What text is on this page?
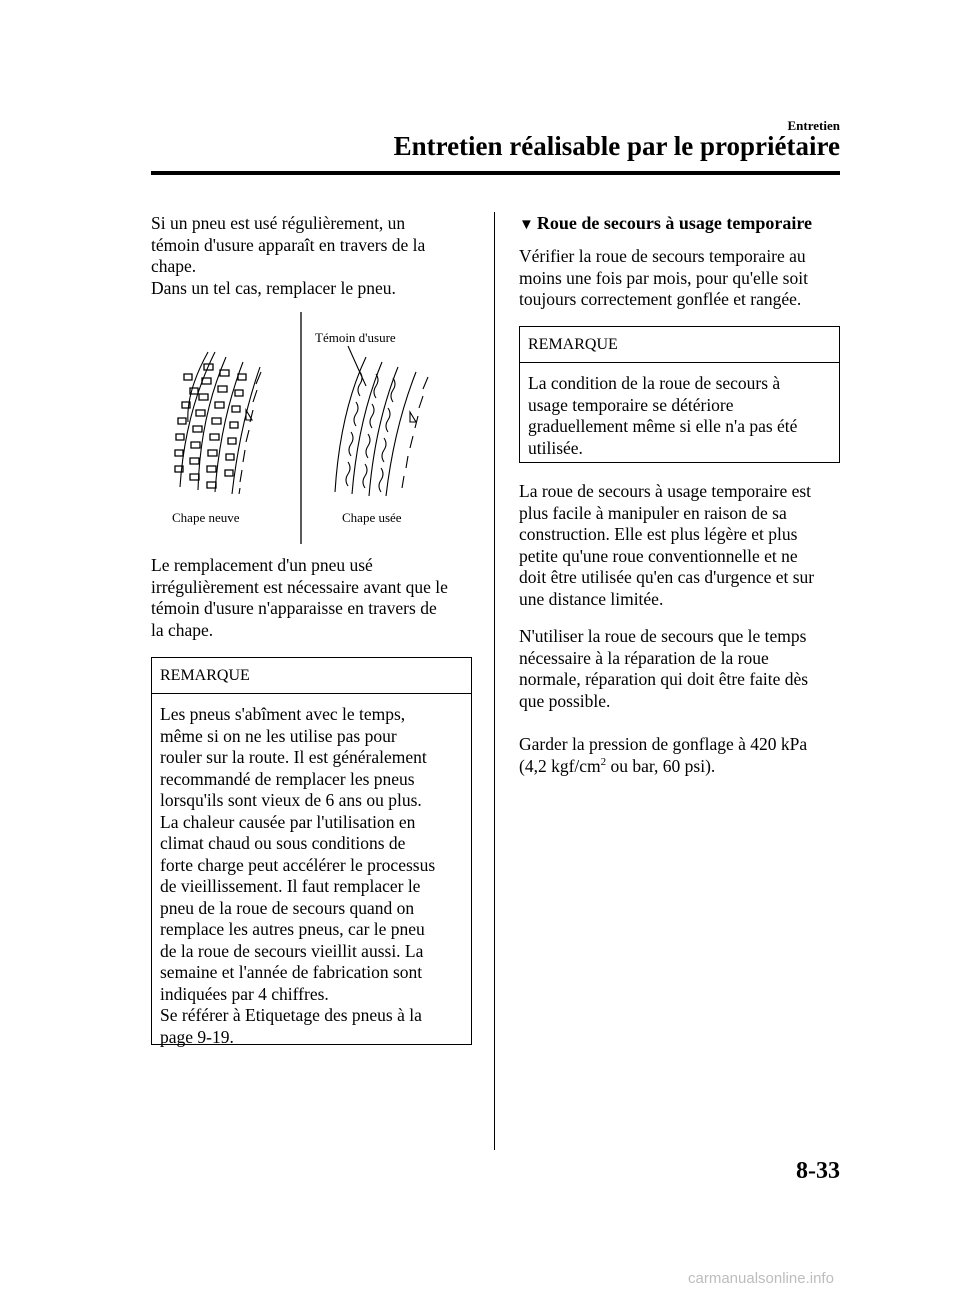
Entretien
Entretien réalisable par le propriétaire

Si un pneu est usé régulièrement, un

témoin d'usure apparaît en travers de la

chape.

Dans un tel cas, remplacer le pneu.

Témoin d'usure
Chape neuve	Chape usée

Le remplacement d'un pneu usé

irrégulièrement est nécessaire avant que le

témoin d'usure n'apparaisse en travers de

la chape.

REMARQUE

Les pneus s'abîment avec le temps,

même si on ne les utilise pas pour

rouler sur la route. Il est généralement

recommandé de remplacer les pneus

lorsqu'ils sont vieux de 6 ans ou plus.

La chaleur causée par l'utilisation en

climat chaud ou sous conditions de

forte charge peut accélérer le processus

de vieillissement. Il faut remplacer le

pneu de la roue de secours quand on

remplace les autres pneus, car le pneu

de la roue de secours vieillit aussi. La

semaine et l'année de fabrication sont

indiquées par 4 chiffres.

Se référer à Etiquetage des pneus à la

page 9-19.

▼ Roue de secours à usage temporaire

Vérifier la roue de secours temporaire au

moins une fois par mois, pour qu'elle soit

toujours correctement gonflée et rangée.

REMARQUE

La condition de la roue de secours à

usage temporaire se détériore

graduellement même si elle n'a pas été

utilisée.

La roue de secours à usage temporaire est

plus facile à manipuler en raison de sa

construction. Elle est plus légère et plus

petite qu'une roue conventionnelle et ne

doit être utilisée qu'en cas d'urgence et sur

une distance limitée.

N'utiliser la roue de secours que le temps

nécessaire à la réparation de la roue

normale, réparation qui doit être faite dès

que possible.

Garder la pression de gonflage à 420 kPa

(4,2 kgf/$cm^2$ ou bar, 60 psi).

8-33
carmanualsonline.info
